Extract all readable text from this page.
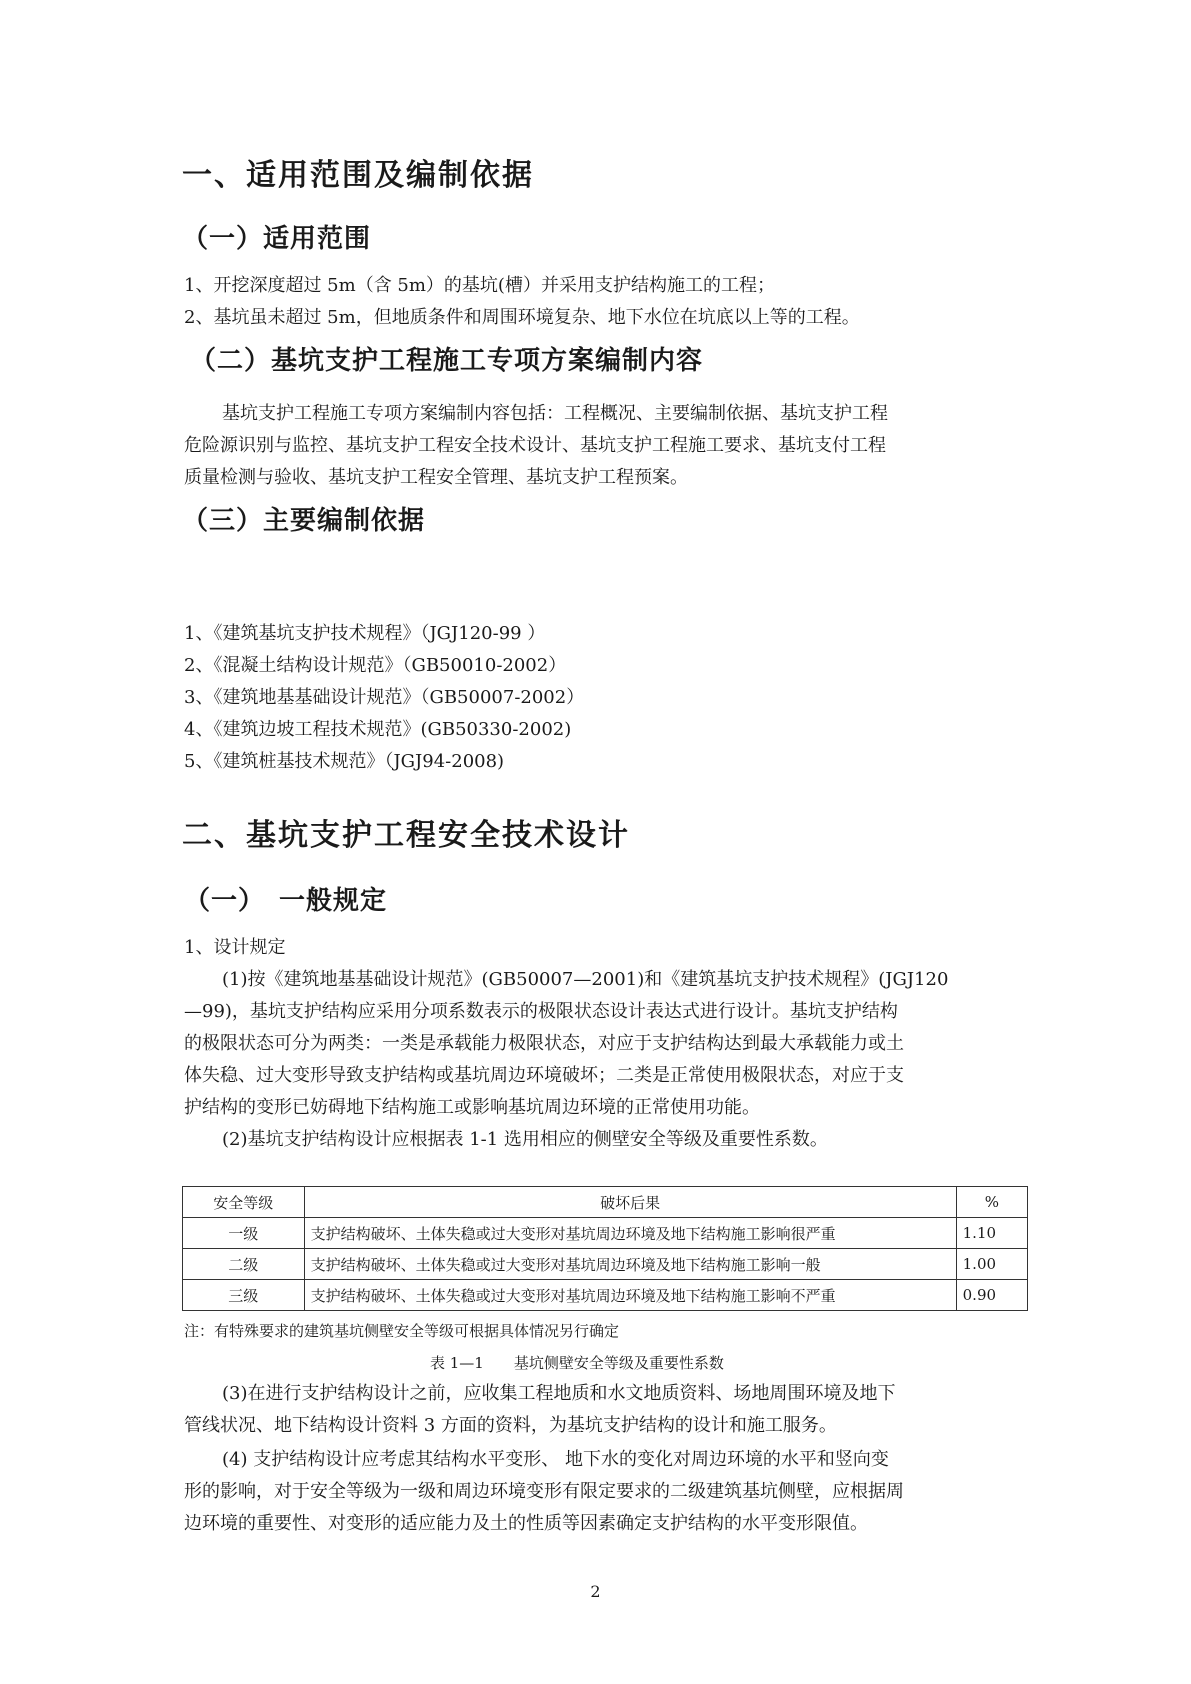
一、适用范围及编制依据
（一）适用范围

1、开挖深度超过 5m（含 5m）的基坑(槽）并采用支护结构施工的工程；

2、基坑虽未超过 5m，但地质条件和周围环境复杂、地下水位在坑底以上等的工程。

（二）基坑支护工程施工专项方案编制内容
基坑支护工程施工专项方案编制内容包括：工程概况、主要编制依据、基坑支护工程
危险源识别与监控、基坑支护工程安全技术设计、基坑支护工程施工要求、基坑支付工程
质量检测与验收、基坑支护工程安全管理、基坑支护工程预案。
（三）主要编制依据

1、《建筑基坑支护技术规程》（JGJ120-99 ）

2、《混凝土结构设计规范》（GB50010-2002）

3、《建筑地基基础设计规范》（GB50007-2002）

4、《建筑边坡工程技术规范》(GB50330-2002)

5、《建筑桩基技术规范》（JGJ94-2008)

二、基坑支护工程安全技术设计
（一）　一般规定

1、设计规定

(1)按《建筑地基基础设计规范》(GB50007—2001)和《建筑基坑支护技术规程》(JGJ120
—99)，基坑支护结构应采用分项系数表示的极限状态设计表达式进行设计。基坑支护结构
的极限状态可分为两类：一类是承载能力极限状态，对应于支护结构达到最大承载能力或土
体失稳、过大变形导致支护结构或基坑周边环境破坏；二类是正常使用极限状态，对应于支
护结构的变形已妨碍地下结构施工或影响基坑周边环境的正常使用功能。
(2)基坑支护结构设计应根据表 1-1 选用相应的侧壁安全等级及重要性系数。
安全等级	破坏后果	%
一级	支护结构破坏、土体失稳或过大变形对基坑周边环境及地下结构施工影响很严重	1.10
二级	支护结构破坏、土体失稳或过大变形对基坑周边环境及地下结构施工影响一般	1.00
三级	支护结构破坏、土体失稳或过大变形对基坑周边环境及地下结构施工影响不严重	0.90

注：有特殊要求的建筑基坑侧壁安全等级可根据具体情况另行确定

表 1—1　　基坑侧壁安全等级及重要性系数

(3)在进行支护结构设计之前，应收集工程地质和水文地质资料、场地周围环境及地下
管线状况、地下结构设计资料 3 方面的资料，为基坑支护结构的设计和施工服务。
(4) 支护结构设计应考虑其结构水平变形、 地下水的变化对周边环境的水平和竖向变
形的影响，对于安全等级为一级和周边环境变形有限定要求的二级建筑基坑侧壁，应根据周
边环境的重要性、对变形的适应能力及土的性质等因素确定支护结构的水平变形限值。
2
